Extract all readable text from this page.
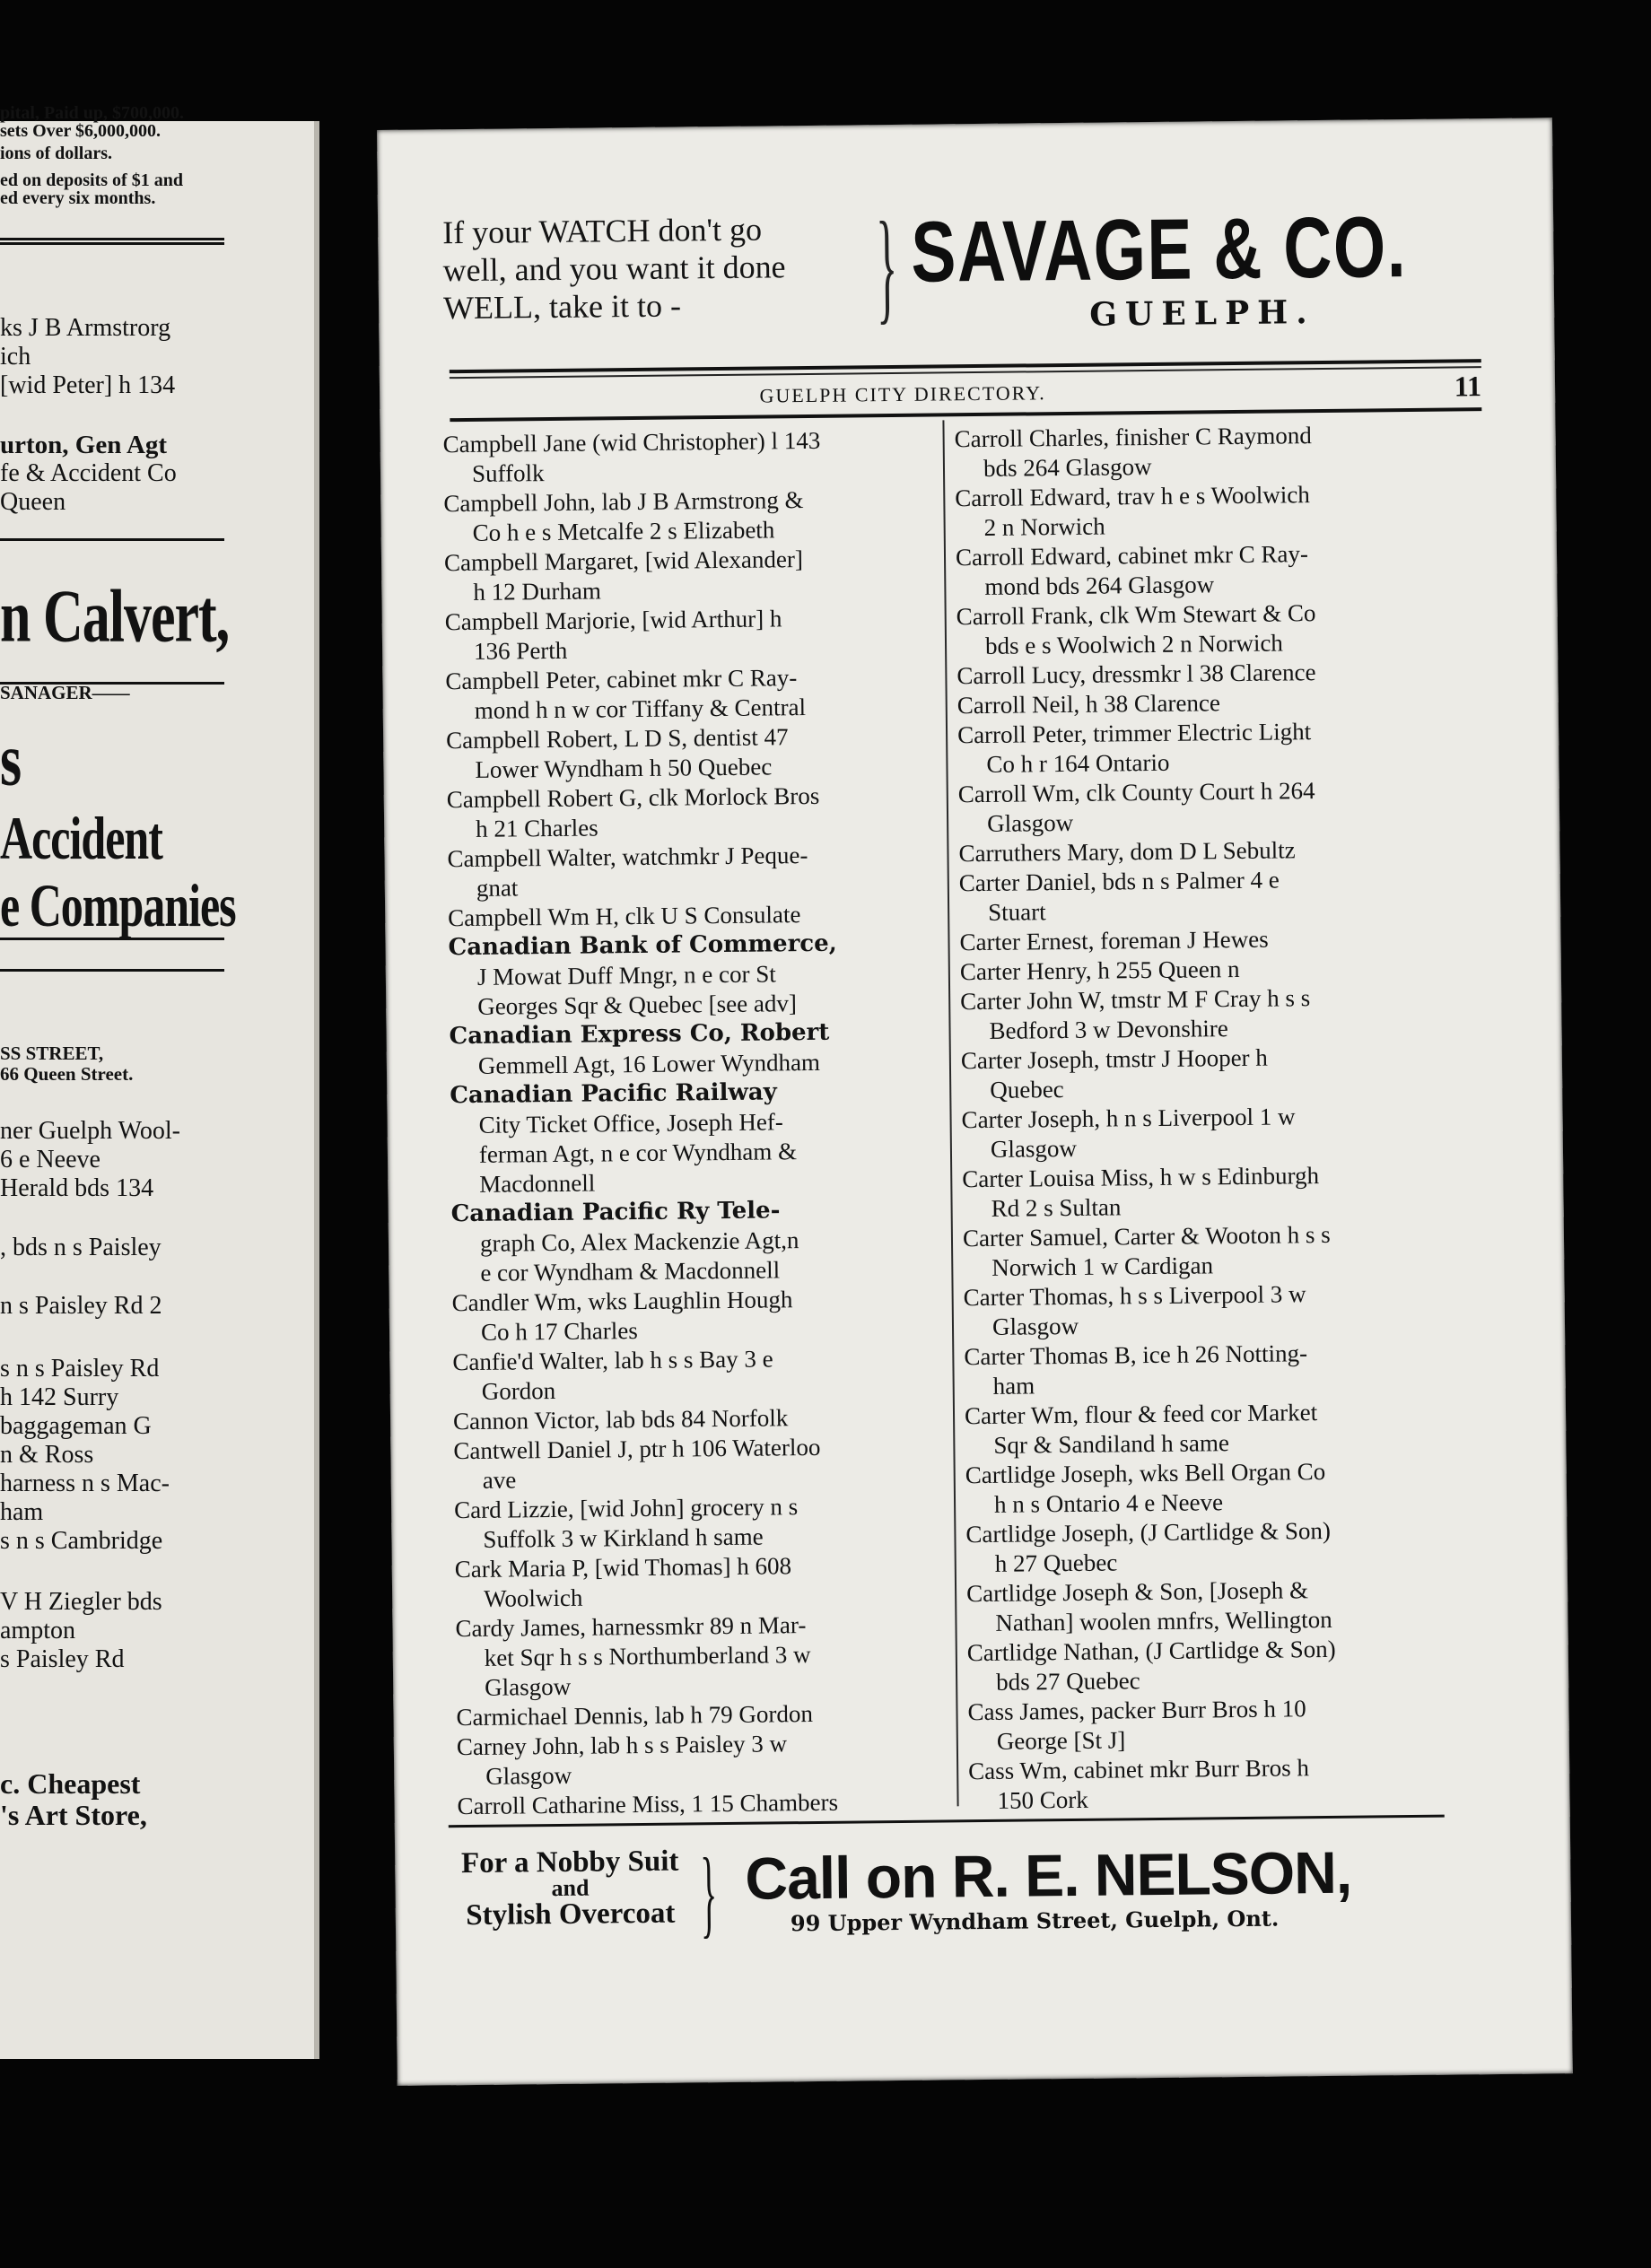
pital, Paid up, $700,000.
sets Over $6,000,000.
ions of dollars.
ed on deposits of $1 and
ed every six months.
ks J B Armstrorg
ich
[wid Peter] h 134
urton, Gen Agt
fe & Accident Co
Queen
SANAGER——
SS STREET,
66 Queen Street.
ner Guelph Wool-
6 e Neeve
Herald bds 134
, bds n s Paisley
n s Paisley Rd 2
s n s Paisley Rd
h 142 Surry
baggageman G
n & Ross
harness n s Mac-
ham
s n s Cambridge
V H Ziegler bds
ampton
s Paisley Rd
c. Cheapest
's Art Store,
n Calvert,
s
Accident
e Companies
If your WATCH don't go
well, and you want it done
WELL, take it to -	} SAVAGE & CO.
GUELPH.
GUELPH CITY DIRECTORY.	11
Campbell Jane (wid Christopher) l 143
Suffolk
Campbell John, lab J B Armstrong &
Co h e s Metcalfe 2 s Elizabeth
Campbell Margaret, [wid Alexander]
h 12 Durham
Campbell Marjorie, [wid Arthur] h
136 Perth
Campbell Peter, cabinet mkr C Ray-
mond h n w cor Tiffany & Central
Campbell Robert, L D S, dentist 47
Lower Wyndham h 50 Quebec
Campbell Robert G, clk Morlock Bros
h 21 Charles
Campbell Walter, watchmkr J Peque-
gnat
Campbell Wm H, clk U S Consulate
Canadian Bank of Commerce,
J Mowat Duff Mngr, n e cor St
Georges Sqr & Quebec [see adv]
Canadian Express Co, Robert
Gemmell Agt, 16 Lower Wyndham
Canadian Pacific Railway
City Ticket Office, Joseph Hef-
ferman Agt, n e cor Wyndham &
Macdonnell
Canadian Pacific Ry Tele-
graph Co, Alex Mackenzie Agt,n
e cor Wyndham & Macdonnell
Candler Wm, wks Laughlin Hough
Co h 17 Charles
Canfie'd Walter, lab h s s Bay 3 e
Gordon
Cannon Victor, lab bds 84 Norfolk
Cantwell Daniel J, ptr h 106 Waterloo
ave
Card Lizzie, [wid John] grocery n s
Suffolk 3 w Kirkland h same
Cark Maria P, [wid Thomas] h 608
Woolwich
Cardy James, harnessmkr 89 n Mar-
ket Sqr h s s Northumberland 3 w
Glasgow
Carmichael Dennis, lab h 79 Gordon
Carney John, lab h s s Paisley 3 w
Glasgow
Carroll Catharine Miss, 1 15 Chambers
Carroll Charles, finisher C Raymond
bds 264 Glasgow
Carroll Edward, trav h e s Woolwich
2 n Norwich
Carroll Edward, cabinet mkr C Ray-
mond bds 264 Glasgow
Carroll Frank, clk Wm Stewart & Co
bds e s Woolwich 2 n Norwich
Carroll Lucy, dressmkr l 38 Clarence
Carroll Neil, h 38 Clarence
Carroll Peter, trimmer Electric Light
Co h r 164 Ontario
Carroll Wm, clk County Court h 264
Glasgow
Carruthers Mary, dom D L Sebultz
Carter Daniel, bds n s Palmer 4 e
Stuart
Carter Ernest, foreman J Hewes
Carter Henry, h 255 Queen n
Carter John W, tmstr M F Cray h s s
Bedford 3 w Devonshire
Carter Joseph, tmstr J Hooper h
Quebec
Carter Joseph, h n s Liverpool 1 w
Glasgow
Carter Louisa Miss, h w s Edinburgh
Rd 2 s Sultan
Carter Samuel, Carter & Wooton h s s
Norwich 1 w Cardigan
Carter Thomas, h s s Liverpool 3 w
Glasgow
Carter Thomas B, ice h 26 Notting-
ham
Carter Wm, flour & feed cor Market
Sqr & Sandiland h same
Cartlidge Joseph, wks Bell Organ Co
h n s Ontario 4 e Neeve
Cartlidge Joseph, (J Cartlidge & Son)
h 27 Quebec
Cartlidge Joseph & Son, [Joseph &
Nathan] woolen mnfrs, Wellington
Cartlidge Nathan, (J Cartlidge & Son)
bds 27 Quebec
Cass James, packer Burr Bros h 10
George [St J]
Cass Wm, cabinet mkr Burr Bros h
150 Cork
For a Nobby Suit
and
Stylish Overcoat } Call on R. E. NELSON,
99 Upper Wyndham Street, Guelph, Ont.
